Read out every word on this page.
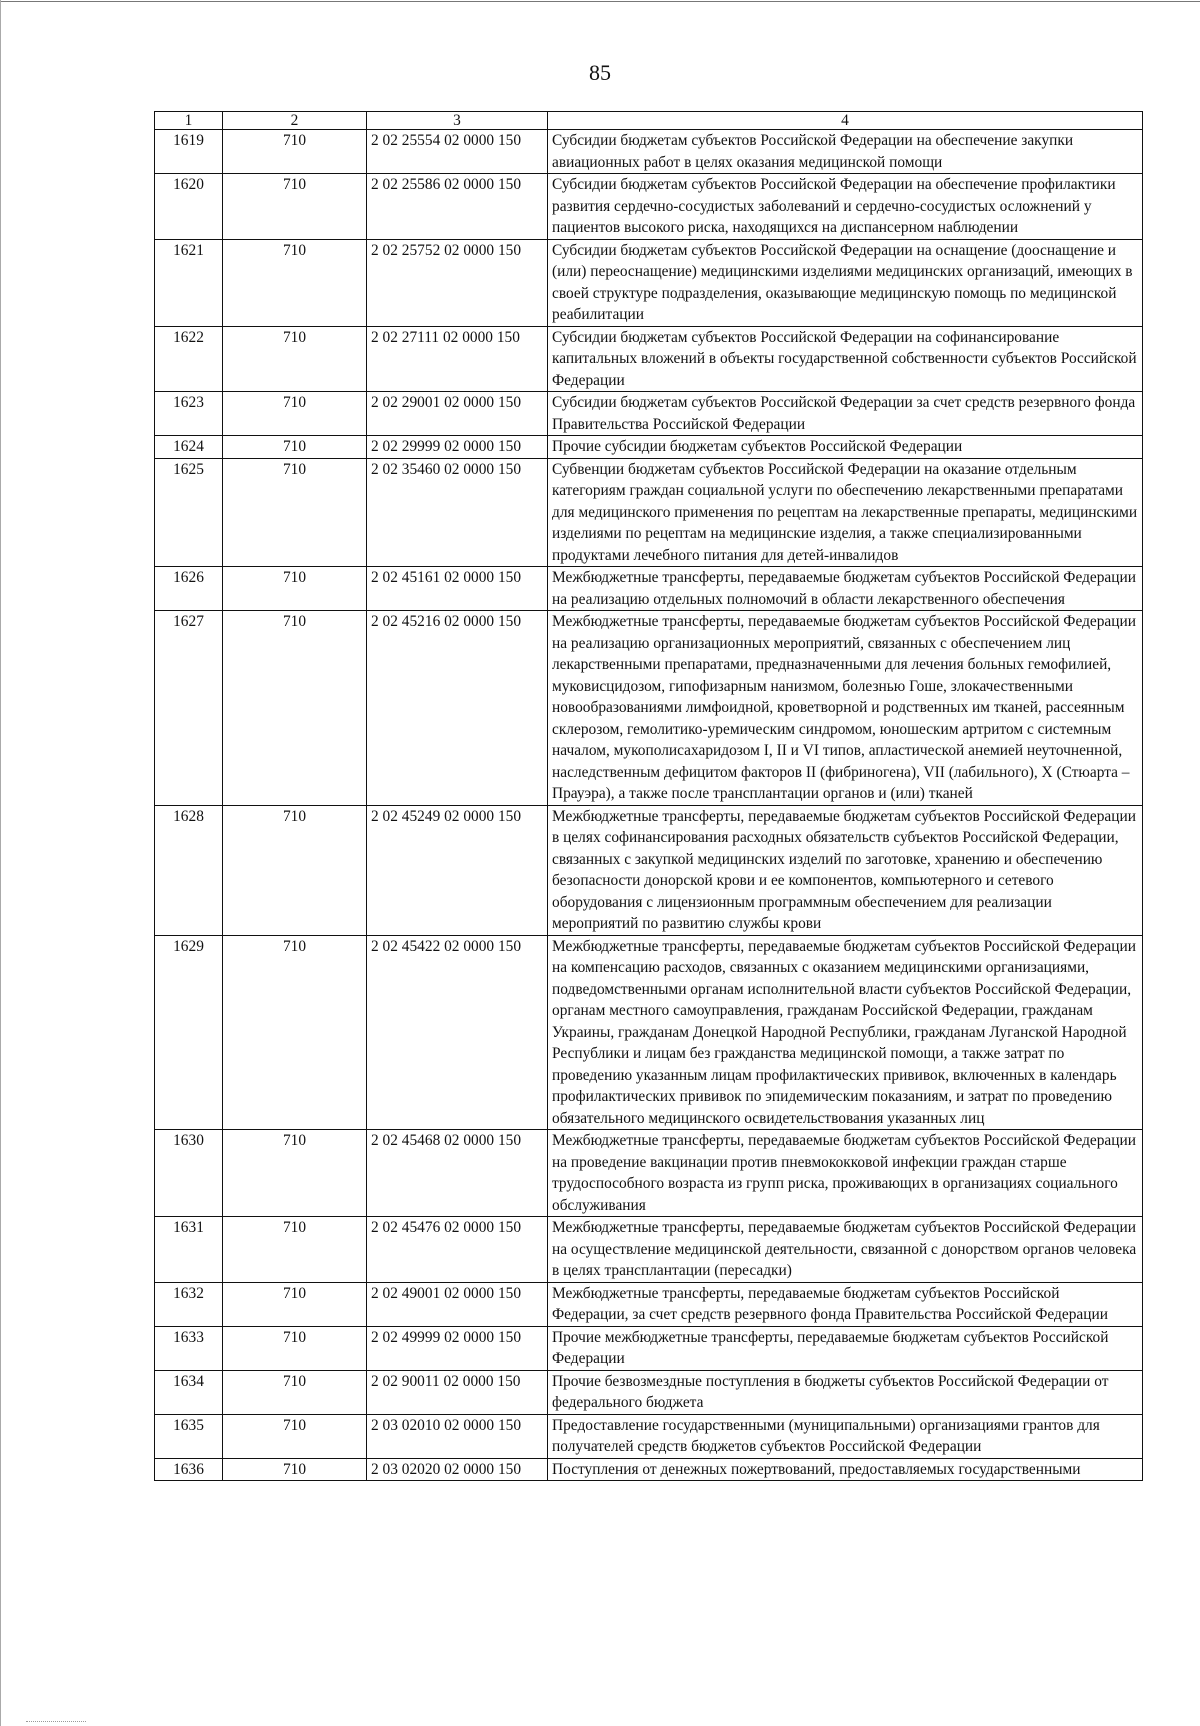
85
1	2	3	4
1619	710	2 02 25554 02 0000 150	Субсидии бюджетам субъектов Российской Федерации на обеспечение закупки авиационных работ в целях оказания медицинской помощи
1620	710	2 02 25586 02 0000 150	Субсидии бюджетам субъектов Российской Федерации на обеспечение профилактики развития сердечно-сосудистых заболеваний и сердечно-сосудистых осложнений у пациентов высокого риска, находящихся на диспансерном наблюдении
1621	710	2 02 25752 02 0000 150	Субсидии бюджетам субъектов Российской Федерации на оснащение (дооснащение и (или) переоснащение) медицинскими изделиями медицинских организаций, имеющих в своей структуре подразделения, оказывающие медицинскую помощь по медицинской реабилитации
1622	710	2 02 27111 02 0000 150	Субсидии бюджетам субъектов Российской Федерации на софинансирование капитальных вложений в объекты государственной собственности субъектов Российской Федерации
1623	710	2 02 29001 02 0000 150	Субсидии бюджетам субъектов Российской Федерации за счет средств резервного фонда Правительства Российской Федерации
1624	710	2 02 29999 02 0000 150	Прочие субсидии бюджетам субъектов Российской Федерации
1625	710	2 02 35460 02 0000 150	Субвенции бюджетам субъектов Российской Федерации на оказание отдельным категориям граждан социальной услуги по обеспечению лекарственными препаратами для медицинского применения по рецептам на лекарственные препараты, медицинскими изделиями по рецептам на медицинские изделия, а также специализированными продуктами лечебного питания для детей-инвалидов
1626	710	2 02 45161 02 0000 150	Межбюджетные трансферты, передаваемые бюджетам субъектов Российской Федерации на реализацию отдельных полномочий в области лекарственного обеспечения
1627	710	2 02 45216 02 0000 150	Межбюджетные трансферты, передаваемые бюджетам субъектов Российской Федерации на реализацию организационных мероприятий, связанных с обеспечением лиц лекарственными препаратами, предназначенными для лечения больных гемофилией, муковисцидозом, гипофизарным нанизмом, болезнью Гоше, злокачественными новообразованиями лимфоидной, кроветворной и родственных им тканей, рассеянным склерозом, гемолитико-уремическим синдромом, юношеским артритом с системным началом, мукополисахаридозом I, II и VI типов, апластической анемией неуточненной, наследственным дефицитом факторов II (фибриногена), VII (лабильного), X (Стюарта – Прауэра), а также после трансплантации органов и (или) тканей
1628	710	2 02 45249 02 0000 150	Межбюджетные трансферты, передаваемые бюджетам субъектов Российской Федерации в целях софинансирования расходных обязательств субъектов Российской Федерации, связанных с закупкой медицинских изделий по заготовке, хранению и обеспечению безопасности донорской крови и ее компонентов, компьютерного и сетевого оборудования с лицензионным программным обеспечением для реализации мероприятий по развитию службы крови
1629	710	2 02 45422 02 0000 150	Межбюджетные трансферты, передаваемые бюджетам субъектов Российской Федерации на компенсацию расходов, связанных с оказанием медицинскими организациями, подведомственными органам исполнительной власти субъектов Российской Федерации, органам местного самоуправления, гражданам Российской Федерации, гражданам Украины, гражданам Донецкой Народной Республики, гражданам Луганской Народной Республики и лицам без гражданства медицинской помощи, а также затрат по проведению указанным лицам профилактических прививок, включенных в календарь профилактических прививок по эпидемическим показаниям, и затрат по проведению обязательного медицинского освидетельствования указанных лиц
1630	710	2 02 45468 02 0000 150	Межбюджетные трансферты, передаваемые бюджетам субъектов Российской Федерации на проведение вакцинации против пневмококковой инфекции граждан старше трудоспособного возраста из групп риска, проживающих в организациях социального обслуживания
1631	710	2 02 45476 02 0000 150	Межбюджетные трансферты, передаваемые бюджетам субъектов Российской Федерации на осуществление медицинской деятельности, связанной с донорством органов человека в целях трансплантации (пересадки)
1632	710	2 02 49001 02 0000 150	Межбюджетные трансферты, передаваемые бюджетам субъектов Российской Федерации, за счет средств резервного фонда Правительства Российской Федерации
1633	710	2 02 49999 02 0000 150	Прочие межбюджетные трансферты, передаваемые бюджетам субъектов Российской Федерации
1634	710	2 02 90011 02 0000 150	Прочие безвозмездные поступления в бюджеты субъектов Российской Федерации от федерального бюджета
1635	710	2 03 02010 02 0000 150	Предоставление государственными (муниципальными) организациями грантов для получателей средств бюджетов субъектов Российской Федерации
1636	710	2 03 02020 02 0000 150	Поступления от денежных пожертвований, предоставляемых государственными
